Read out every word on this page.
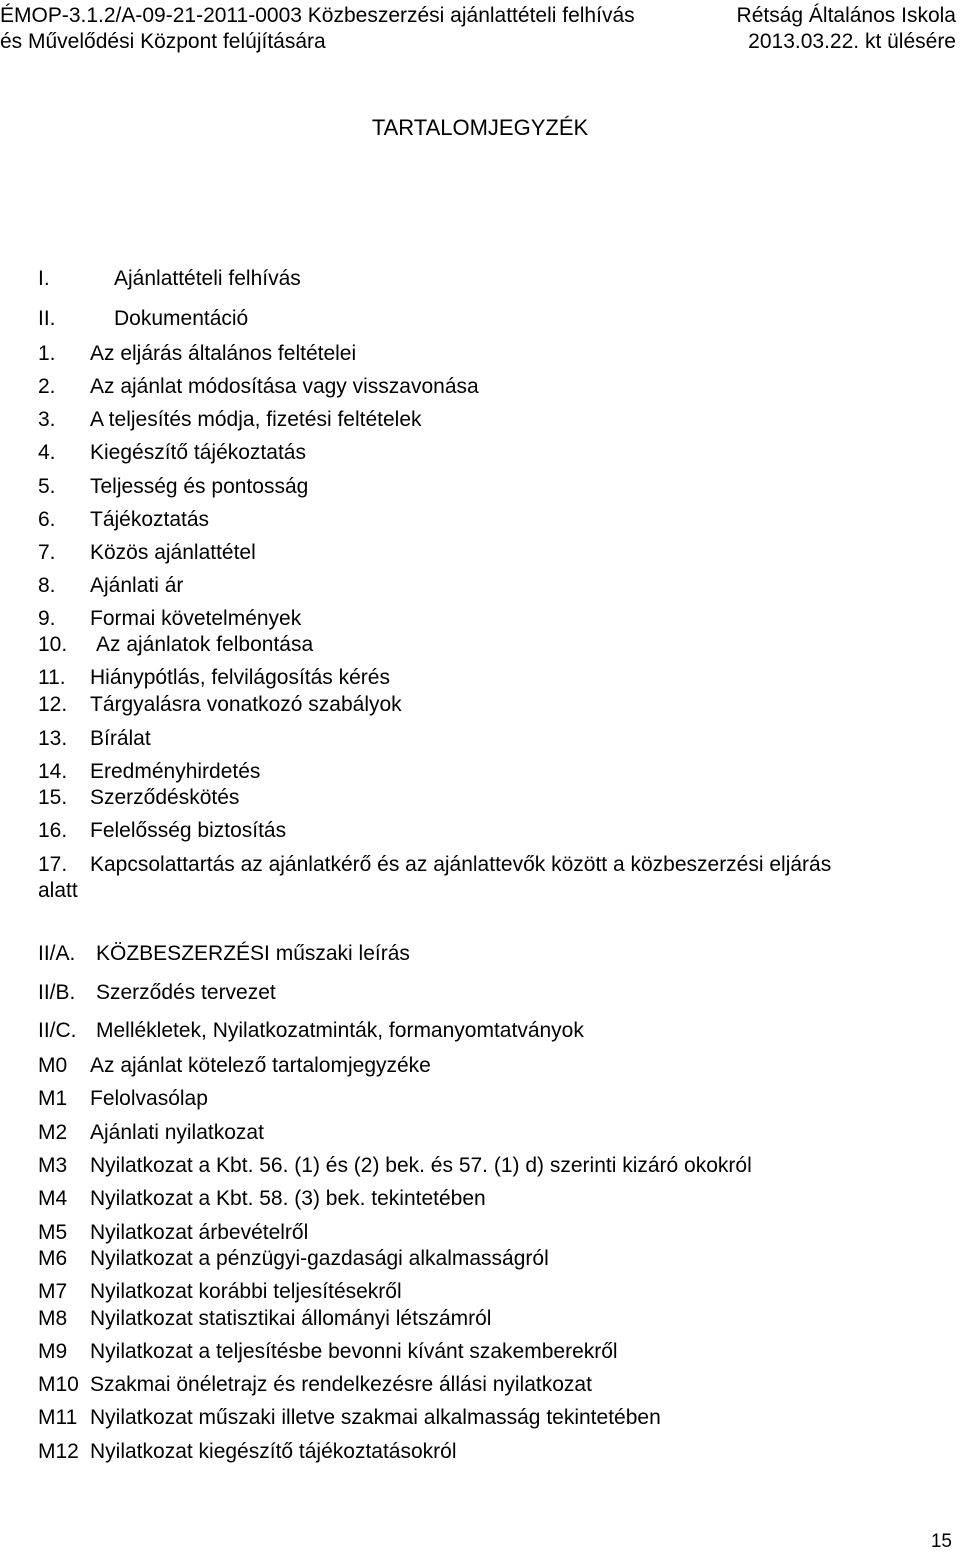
ÉMOP-3.1.2/A-09-21-2011-0003 Közbeszerzési ajánlattételi felhívás	Rétság Általános Iskola
és Művelődési Központ felújítására	2013.03.22. kt ülésére
TARTALOMJEGYZÉK
I.	Ajánlattételi felhívás
II.	Dokumentáció
1. Az eljárás általános feltételei
2. Az ajánlat módosítása vagy visszavonása
3. A teljesítés módja, fizetési feltételek
4. Kiegészítő tájékoztatás
5. Teljesség és pontosság
6. Tájékoztatás
7. Közös ajánlattétel
8. Ajánlati ár
9. Formai követelmények
10. Az ajánlatok felbontása
11. Hiánypótlás, felvilágosítás kérés
12. Tárgyalásra vonatkozó szabályok
13. Bírálat
14. Eredményhirdetés
15. Szerződéskötés
16. Felelősség biztosítás
17. Kapcsolattartás az ajánlatkérő és az ajánlattevők között a közbeszerzési eljárás
alatt
II/A. KÖZBESZERZÉSI műszaki leírás
II/B. Szerződés tervezet
II/C. Mellékletek, Nyilatkozatminták, formanyomtatványok
M0 Az ajánlat kötelező tartalomjegyzéke
M1 Felolvasólap
M2 Ajánlati nyilatkozat
M3 Nyilatkozat a Kbt. 56. (1) és (2) bek. és 57. (1) d) szerinti kizáró okokról
M4 Nyilatkozat a Kbt. 58. (3) bek. tekintetében
M5 Nyilatkozat árbevételről
M6 Nyilatkozat a pénzügyi-gazdasági alkalmasságról
M7 Nyilatkozat korábbi teljesítésekről
M8 Nyilatkozat statisztikai állományi létszámról
M9 Nyilatkozat a teljesítésbe bevonni kívánt szakemberekről
M10 Szakmai önéletrajz és rendelkezésre állási nyilatkozat
M11 Nyilatkozat műszaki illetve szakmai alkalmasság tekintetében
M12 Nyilatkozat kiegészítő tájékoztatásokról
15
